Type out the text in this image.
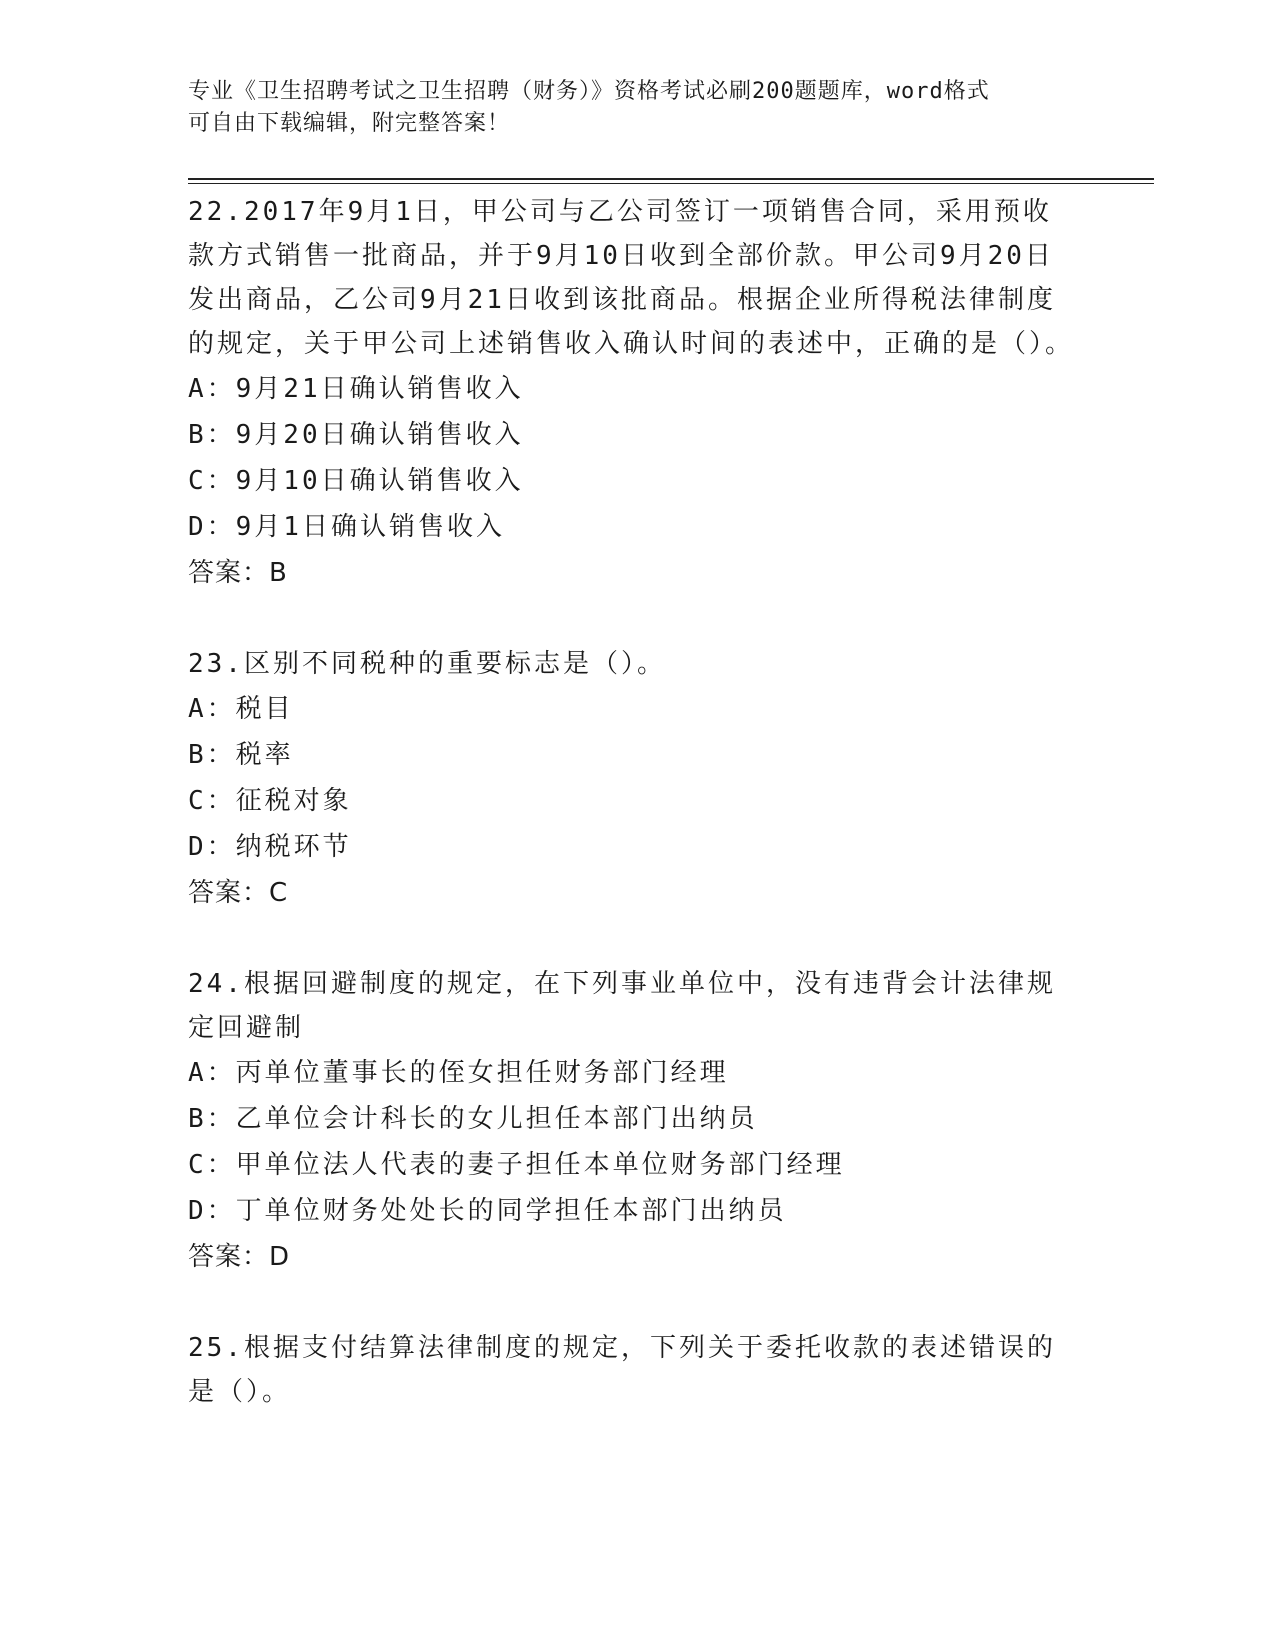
专业《卫生招聘考试之卫生招聘（财务）》资格考试必刷200题题库，word格式
可自由下载编辑，附完整答案！

22.2017年9月1日，甲公司与乙公司签订一项销售合同，采用预收款方式销售一批商品，并于9月10日收到全部价款。甲公司9月20日发出商品，乙公司9月21日收到该批商品。根据企业所得税法律制度的规定，关于甲公司上述销售收入确认时间的表述中，正确的是（）。

A：9月21日确认销售收入

B：9月20日确认销售收入

C：9月10日确认销售收入

D：9月1日确认销售收入

答案：B

23.区别不同税种的重要标志是（）。

A：税目

B：税率

C：征税对象

D：纳税环节

答案：C

24.根据回避制度的规定，在下列事业单位中，没有违背会计法律规定回避制

A：丙单位董事长的侄女担任财务部门经理

B：乙单位会计科长的女儿担任本部门出纳员

C：甲单位法人代表的妻子担任本单位财务部门经理

D：丁单位财务处处长的同学担任本部门出纳员

答案：D

25.根据支付结算法律制度的规定，下列关于委托收款的表述错误的是（）。
